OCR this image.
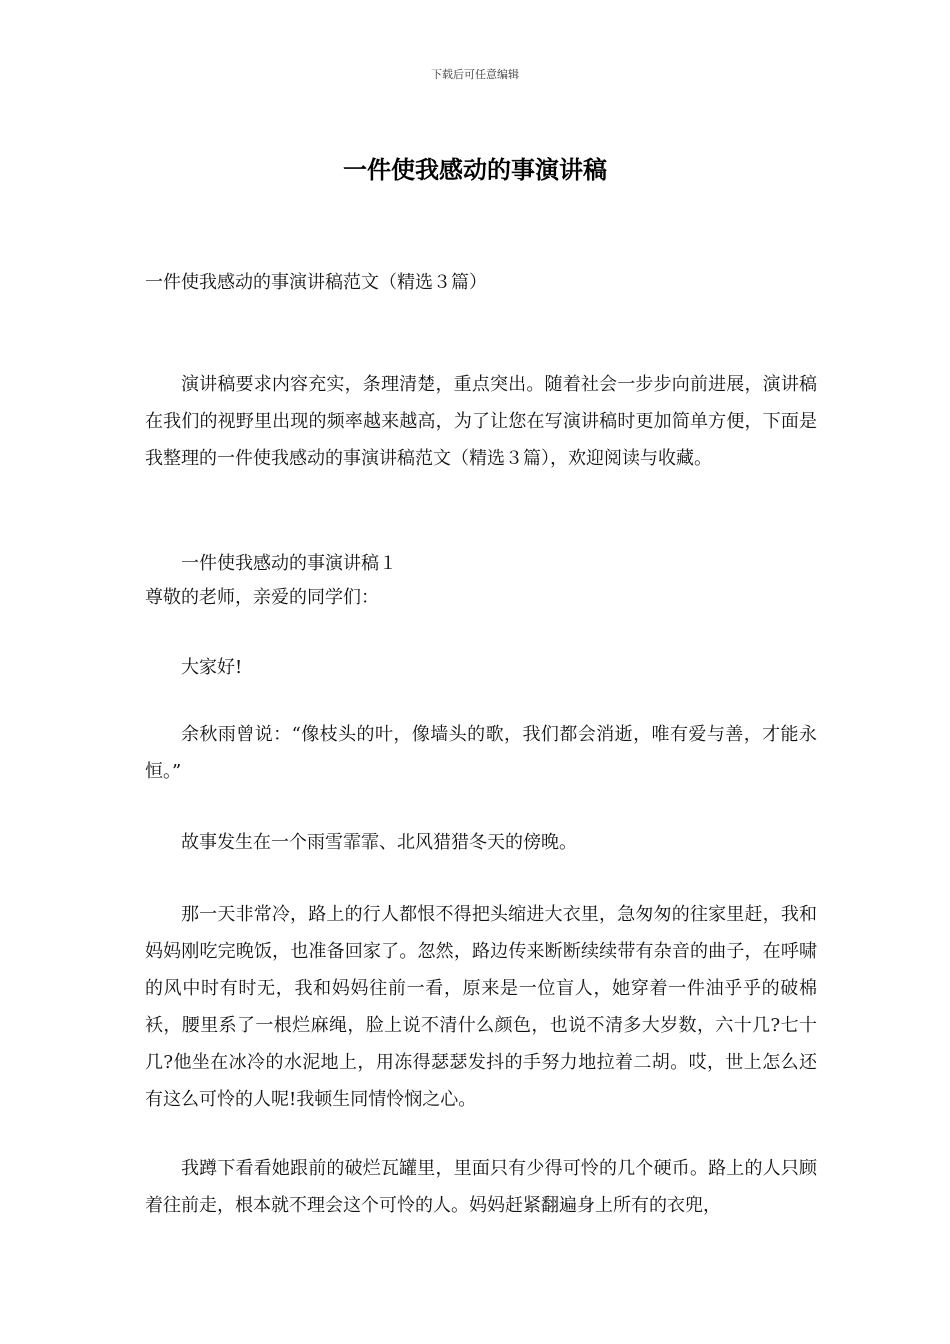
下载后可任意编辑
一件使我感动的事演讲稿
一件使我感动的事演讲稿范文（精选３篇）
演讲稿要求内容充实，条理清楚，重点突出。随着社会一步步向前进展，演讲稿在我们的视野里出现的频率越来越高，为了让您在写演讲稿时更加简单方便，下面是我整理的一件使我感动的事演讲稿范文（精选３篇），欢迎阅读与收藏。
一件使我感动的事演讲稿１
尊敬的老师，亲爱的同学们：
大家好!
余秋雨曾说：“像枝头的叶，像墙头的歌，我们都会消逝，唯有爱与善，才能永恒。”
故事发生在一个雨雪霏霏、北风猎猎冬天的傍晚。
那一天非常冷，路上的行人都恨不得把头缩进大衣里，急匆匆的往家里赶，我和妈妈刚吃完晚饭，也准备回家了。忽然，路边传来断断续续带有杂音的曲子，在呼啸的风中时有时无，我和妈妈往前一看，原来是一位盲人，她穿着一件油乎乎的破棉袄，腰里系了一根烂麻绳，脸上说不清什么颜色，也说不清多大岁数，六十几?七十几?他坐在冰冷的水泥地上，用冻得瑟瑟发抖的手努力地拉着二胡。哎，世上怎么还有这么可怜的人呢!我顿生同情怜悯之心。
我蹲下看看她跟前的破烂瓦罐里，里面只有少得可怜的几个硬币。路上的人只顾着往前走，根本就不理会这个可怜的人。妈妈赶紧翻遍身上所有的衣兜，
